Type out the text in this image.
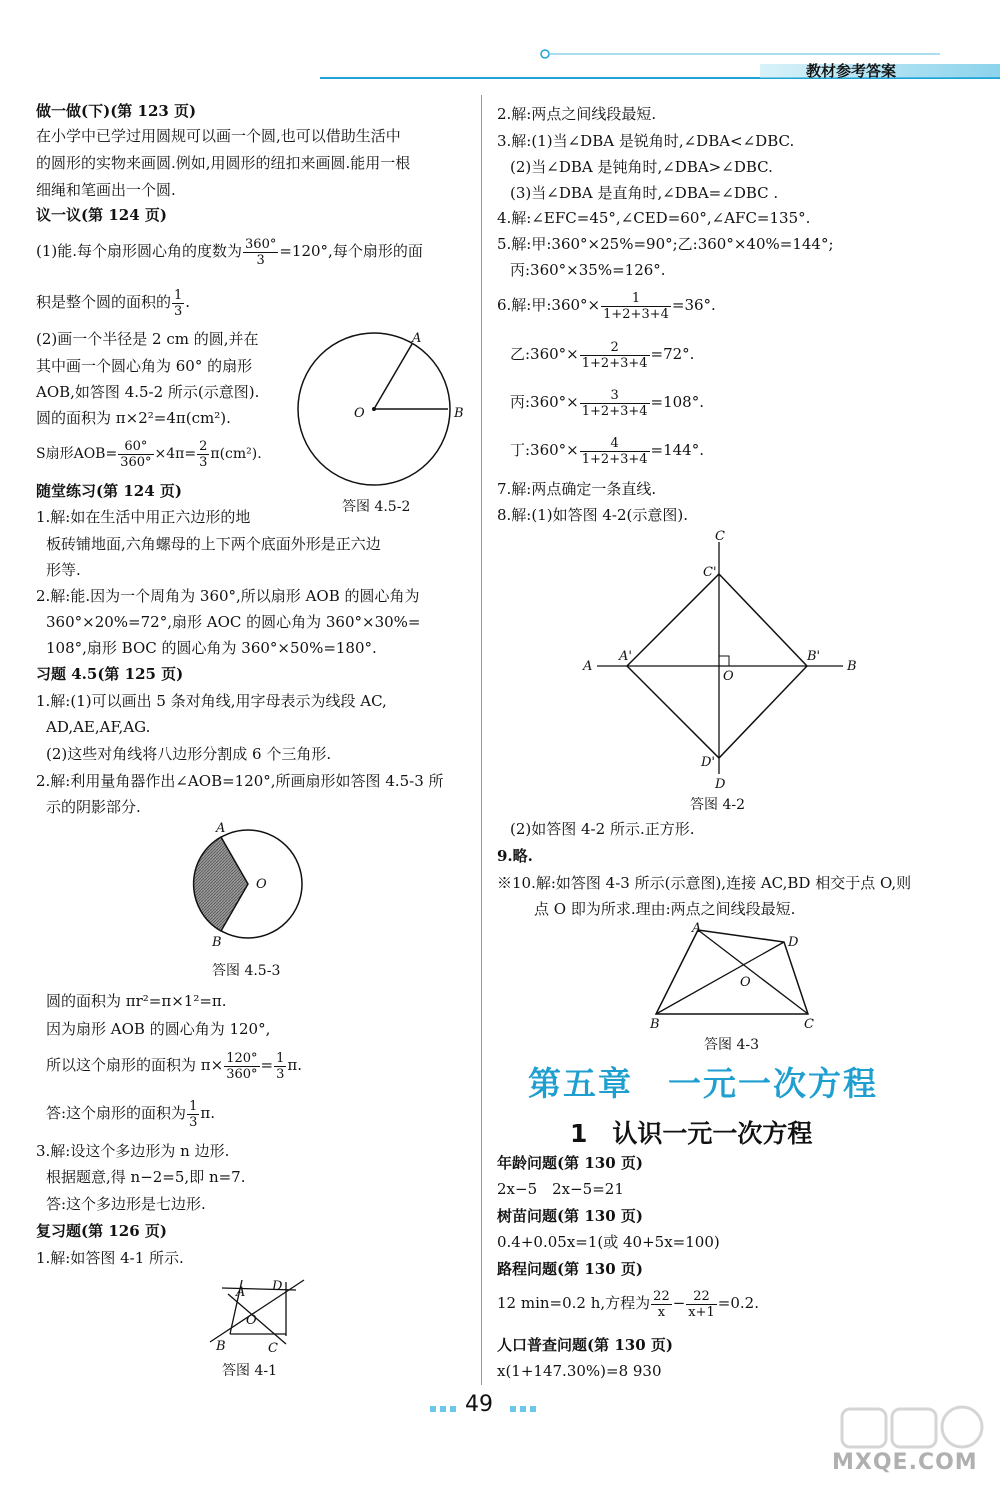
教材参考答案
做一做(下)(第 123 页)
在小学中已学过用圆规可以画一个圆,也可以借助生活中
的圆形的实物来画圆.例如,用圆形的纽扣来画圆.能用一根
细绳和笔画出一个圆.
议一议(第 124 页)
(1)能.每个扇形圆心角的度数为 $\frac{360^\circ}{3} =120^\circ$,每个扇形的面
积是整个圆的面积的 $\frac{1}{3}$ .
(2)画一个半径是 2 cm 的圆,并在
其中画一个圆心角为 60° 的扇形
AOB,如答图 4.5-2 所示(示意图).
圆的面积为 π×2²=4π(cm²).
S扇形$AOB= \frac{60^\circ}{360^\circ} \times 4\pi= \frac{2}{3} \pi(cm^2)$.
A
O	B
答图 4.5-2
随堂练习(第 124 页)
1.解:如在生活中用正六边形的地
板砖铺地面,六角螺母的上下两个底面外形是正六边
形等.
2.解:能.因为一个周角为 360°,所以扇形 AOB 的圆心角为
360°×20%=72°,扇形 AOC 的圆心角为 360°×30%=
108°,扇形 BOC 的圆心角为 360°×50%=180°.
习题 4.5(第 125 页)
1.解:(1)可以画出 5 条对角线,用字母表示为线段 AC,
AD,AE,AF,AG.
(2)这些对角线将八边形分割成 6 个三角形.
2.解:利用量角器作出∠AOB=120°,所画扇形如答图 4.5-3 所
示的阴影部分.
A
O
B
答图 4.5-3
圆的面积为 πr²=π×1²=π.
因为扇形 AOB 的圆心角为 120°,
所以这个扇形的面积为 $\pi\times \frac{120^\circ}{360^\circ} = \frac{1}{3} \pi$.
答:这个扇形的面积为 $\frac{1}{3} \pi$.
3.解:设这个多边形为 n 边形.
根据题意,得 n−2=5,即 n=7.
答:这个多边形是七边形.
复习题(第 126 页)
1.解:如答图 4-1 所示.
A D
O
B	C
答图 4-1
2.解:两点之间线段最短.
3.解:(1)当∠DBA 是锐角时,∠DBA<∠DBC.
(2)当∠DBA 是钝角时,∠DBA>∠DBC.
(3)当∠DBA 是直角时,∠DBA=∠DBC .
4.解:∠EFC=45°,∠CED=60°,∠AFC=135°.
5.解:甲:360°×25%=90°;乙:360°×40%=144°;
丙:360°×35%=126°.
6.解:甲:360°× $\frac{1}{1+2+3+4} =36^\circ$.
乙:360°× $\frac{2}{1+2+3+4} =72^\circ$.
丙:360°× $\frac{3}{1+2+3+4} =108^\circ$.
丁:360°× $\frac{4}{1+2+3+4} =144^\circ$.
7.解:两点确定一条直线.
8.解:(1)如答图 4-2(示意图).
C
C'
A
A'
O
B'
B
D'
D
答图 4-2
(2)如答图 4-2 所示.正方形.
9.略.
※10.解:如答图 4-3 所示(示意图),连接 AC,BD 相交于点 O,则
点 O 即为所求.理由:两点之间线段最短.
A
D
O
B	C
答图 4-3
第五章　一元一次方程
1　认识一元一次方程
年龄问题(第 130 页)
2x−5　2x−5=21
树苗问题(第 130 页)
0.4+0.05x=1(或 40+5x=100)
路程问题(第 130 页)
12 min=0.2 h,方程为 $\frac{22}{x} - \frac{22}{x+1} =0.2$.
人口普查问题(第 130 页)
x(1+147.30%)=8 930
49
MXQE.COM
